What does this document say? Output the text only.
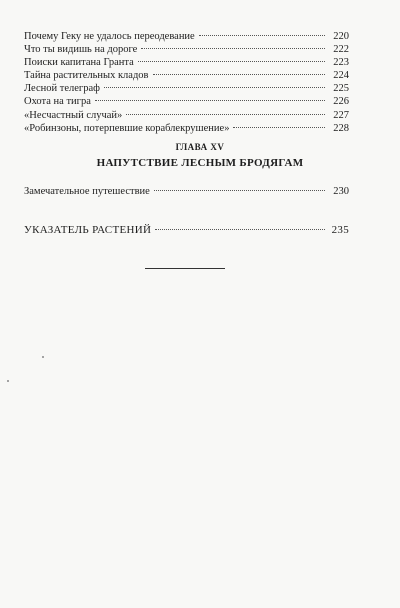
Почему Геку не удалось переодевание	220
Что ты видишь на дороге	222
Поиски капитана Гранта	223
Тайна растительных кладов	224
Лесной телеграф	225
Охота на тигра	226
«Несчастный случай»	227
«Робинзоны, потерпевшие кораблекрушение»	228
ГЛАВА XV
НАПУТСТВИЕ ЛЕСНЫМ БРОДЯГАМ
Замечательное путешествие	230
УКАЗАТЕЛЬ РАСТЕНИЙ	235
